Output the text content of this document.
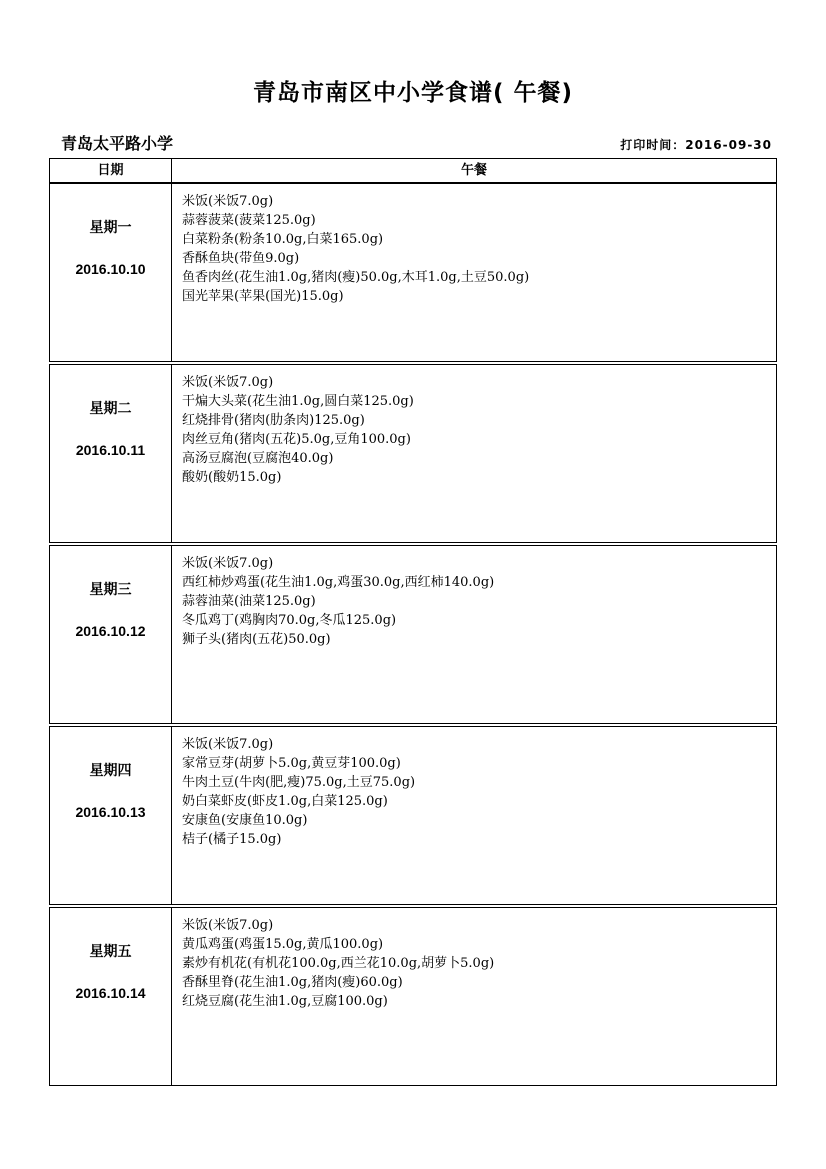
青岛市南区中小学食谱( 午餐)
青岛太平路小学	打印时间：2016-09-30
日期	午餐
星期一
2016.10.10
米饭(米饭7.0g)
蒜蓉菠菜(菠菜125.0g)
白菜粉条(粉条10.0g,白菜165.0g)
香酥鱼块(带鱼9.0g)
鱼香肉丝(花生油1.0g,猪肉(瘦)50.0g,木耳1.0g,土豆50.0g)
国光苹果(苹果(国光)15.0g)
星期二
2016.10.11
米饭(米饭7.0g)
干煸大头菜(花生油1.0g,圆白菜125.0g)
红烧排骨(猪肉(肋条肉)125.0g)
肉丝豆角(猪肉(五花)5.0g,豆角100.0g)
高汤豆腐泡(豆腐泡40.0g)
酸奶(酸奶15.0g)
星期三
2016.10.12
米饭(米饭7.0g)
西红柿炒鸡蛋(花生油1.0g,鸡蛋30.0g,西红柿140.0g)
蒜蓉油菜(油菜125.0g)
冬瓜鸡丁(鸡胸肉70.0g,冬瓜125.0g)
狮子头(猪肉(五花)50.0g)
星期四
2016.10.13
米饭(米饭7.0g)
家常豆芽(胡萝卜5.0g,黄豆芽100.0g)
牛肉土豆(牛肉(肥,瘦)75.0g,土豆75.0g)
奶白菜虾皮(虾皮1.0g,白菜125.0g)
安康鱼(安康鱼10.0g)
桔子(橘子15.0g)
星期五
2016.10.14
米饭(米饭7.0g)
黄瓜鸡蛋(鸡蛋15.0g,黄瓜100.0g)
素炒有机花(有机花100.0g,西兰花10.0g,胡萝卜5.0g)
香酥里脊(花生油1.0g,猪肉(瘦)60.0g)
红烧豆腐(花生油1.0g,豆腐100.0g)
